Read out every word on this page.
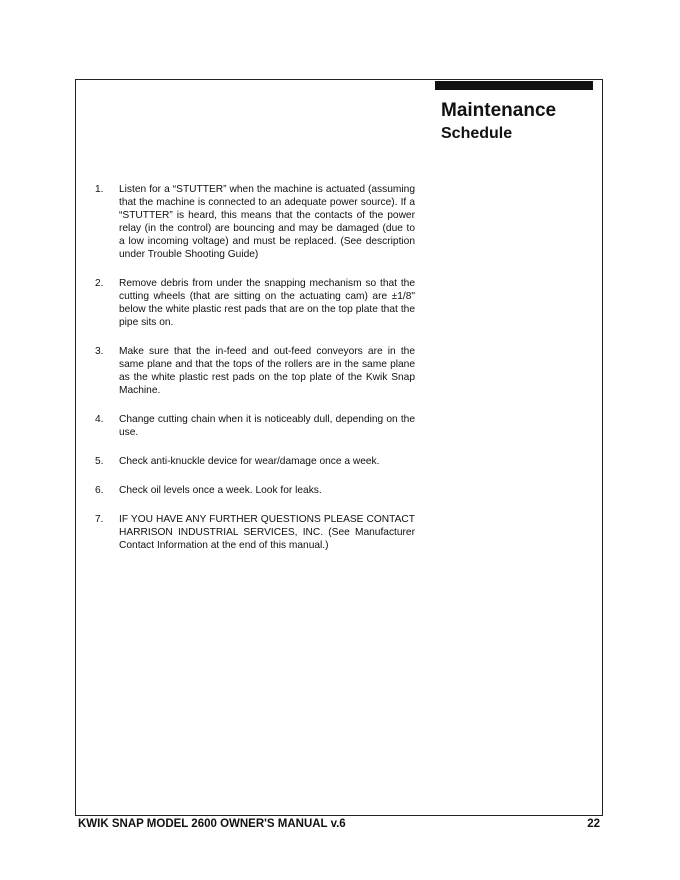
Maintenance
Schedule
1.	Listen for a “STUTTER” when the machine is actuated (assuming that the machine is connected to an adequate power source). If a “STUTTER” is heard, this means that the contacts of the power relay (in the control) are bouncing and may be damaged (due to a low incoming voltage) and must be replaced. (See description under Trouble Shooting Guide)
2.	Remove debris from under the snapping mechanism so that the cutting wheels (that are sitting on the actuating cam) are ±1/8" below the white plastic rest pads that are on the top plate that the pipe sits on.
3.	Make sure that the in-feed and out-feed conveyors are in the same plane and that the tops of the rollers are in the same plane as the white plastic rest pads on the top plate of the Kwik Snap Machine.
4.	Change cutting chain when it is noticeably dull, depending on the use.
5.	Check anti-knuckle device for wear/damage once a week.
6.	Check oil levels once a week. Look for leaks.
7.	IF YOU HAVE ANY FURTHER QUESTIONS PLEASE CONTACT HARRISON INDUSTRIAL SERVICES, INC. (See Manufacturer Contact Information at the end of this manual.)
KWIK SNAP MODEL 2600 OWNER'S MANUAL v.6	22
